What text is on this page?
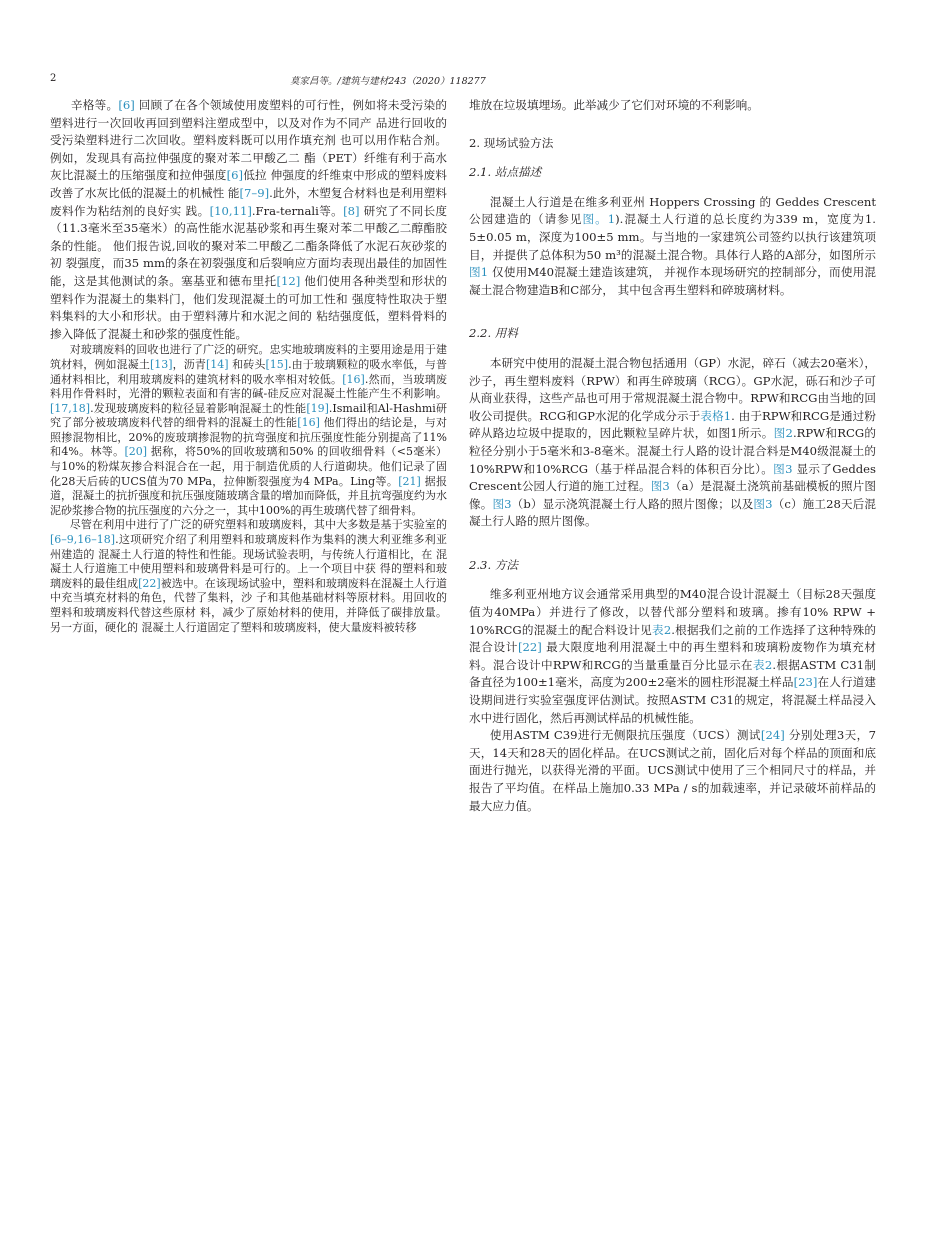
2	莫家昌等。/建筑与建材243（2020）118277

辛格等。[6] 回顾了在各个领域使用废塑料的可行性，例如将未受污染的塑料进行一次回收再回到塑料注塑成型中，以及对作为不同产 品进行回收的受污染塑料进行二次回收。塑料废料既可以用作填充剂 也可以用作粘合剂。例如，发现具有高拉伸强度的聚对苯二甲酸乙二 酯（PET）纤维有利于高水灰比混凝土的压缩强度和拉伸强度[6]低拉 伸强度的纤维束中形成的塑料废料改善了水灰比低的混凝土的机械性 能[7–9].此外，木塑复合材料也是利用塑料废料作为粘结剂的良好实 践。[10,11].Fra-ternali等。[8] 研究了不同长度（11.3毫米至35毫米）的高性能水泥基砂浆和再生聚对苯二甲酸乙二醇酯胶条的性能。 他们报告说,回收的聚对苯二甲酸乙二酯条降低了水泥石灰砂浆的初 裂强度，而35 mm的条在初裂强度和后裂响应方面均表现出最佳的加固性能，这是其他测试的条。塞基亚和德布里托[12] 他们使用各种类型和形状的塑料作为混凝土的集料门，他们发现混凝土的可加工性和 强度特性取决于塑料集料的大小和形状。由于塑料薄片和水泥之间的 粘结强度低，塑料骨料的掺入降低了混凝土和砂浆的强度性能。

对玻璃废料的回收也进行了广泛的研究。忠实地玻璃废料的主要用途是用于建筑材料，例如混凝土[13]，沥青[14] 和砖头[15].由于玻璃颗粒的吸水率低，与普通材料相比，利用玻璃废料的建筑材料的吸水率相对较低。[16].然而，当玻璃废料用作骨料时，光滑的颗粒表面和有害的碱-硅反应对混凝土性能产生不利影响。[17,18].发现玻璃废料的粒径显着影响混凝土的性能[19].Ismail和Al-Hashmi研究了部分被玻璃废料代替的细骨料的混凝土的性能[16] 他们得出的结论是，与对照掺混物相比，20%的废玻璃掺混物的抗弯强度和抗压强度性能分别提高了11%和4%。林等。[20] 据称，将50%的回收玻璃和50% 的回收细骨料（<5毫米）与10%的粉煤灰掺合料混合在一起，用于制造优质的人行道砌块。他们记录了固化28天后砖的UCS值为70 MPa，拉伸断裂强度为4 MPa。Ling等。[21] 据报道，混凝土的抗折强度和抗压强度随玻璃含量的增加而降低，并且抗弯强度约为水泥砂浆掺合物的抗压强度的六分之一，其中100%的再生玻璃代替了细骨料。

尽管在利用中进行了广泛的研究塑料和玻璃废料，其中大多数是基于实验室的[6–9,16–18].这项研究介绍了利用塑料和玻璃废料作为集料的澳大利亚维多利亚州建造的 混凝土人行道的特性和性能。现场试验表明，与传统人行道相比，在 混凝土人行道施工中使用塑料和玻璃骨料是可行的。上一个项目中获 得的塑料和玻璃废料的最佳组成[22]被选中。在该现场试验中，塑料和玻璃废料在混凝土人行道中充当填充材料的角色，代替了集料，沙 子和其他基础材料等原材料。用回收的塑料和玻璃废料代替这些原材 料，减少了原始材料的使用，并降低了碳排放量。另一方面，硬化的 混凝土人行道固定了塑料和玻璃废料，使大量废料被转移

堆放在垃圾填埋场。此举减少了它们对环境的不利影响。

2. 现场试验方法
2.1. 站点描述

混凝土人行道是在维多利亚州 Hoppers Crossing 的 Geddes Crescent公园建造的（请参见图。1).混凝土人行道的总长度约为339 m，宽度为1. 5±0.05 m，深度为100±5 mm。与当地的一家建筑公司签约以执行该建筑项目，并提供了总体积为50 m³的混凝土混合物。具体行人路的A部分，如图所示图1 仅使用M40混凝土建造该建筑， 并视作本现场研究的控制部分，而使用混凝土混合物建造B和C部分， 其中包含再生塑料和碎玻璃材料。

2.2. 用料

本研究中使用的混凝土混合物包括通用（GP）水泥，碎石（减去20毫米），沙子，再生塑料废料（RPW）和再生碎玻璃（RCG）。GP水泥，砾石和沙子可从商业获得，这些产品也可用于常规混凝土混合物中。RPW和RCG由当地的回收公司提供。RCG和GP水泥的化学成分示于表格1. 由于RPW和RCG是通过粉碎从路边垃圾中提取的，因此颗粒呈碎片状，如图1所示。图2.RPW和RCG的粒径分别小于5毫米和3-8毫米。混凝土行人路的设计混合料是M40级混凝土的10%RPW和10%RCG（基于样品混合料的体积百分比）。图3 显示了Geddes Crescent公园人行道的施工过程。图3（a）是混凝土浇筑前基础模板的照片图像。图3（b）显示浇筑混凝土行人路的照片图像；以及图3（c）施工28天后混凝土行人路的照片图像。

2.3. 方法

维多利亚州地方议会通常采用典型的M40混合设计混凝土（目标28天强度值为40MPa）并进行了修改，以替代部分塑料和玻璃。掺有10% RPW + 10%RCG的混凝土的配合料设计见表2.根据我们之前的工作选择了这种特殊的混合设计[22] 最大限度地利用混凝土中的再生塑料和玻璃粉废物作为填充材料。混合设计中RPW和RCG的当量重量百分比显示在表2.根据ASTM C31制备直径为100±1毫米，高度为200±2毫米的圆柱形混凝土样品[23]在人行道建设期间进行实验室强度评估测试。按照ASTM C31的规定，将混凝土样品浸入水中进行固化，然后再测试样品的机械性能。

使用ASTM C39进行无侧限抗压强度（UCS）测试[24] 分别处理3天，7 天，14天和28天的固化样品。在UCS测试之前，固化后对每个样品的顶面和底面进行抛光，以获得光滑的平面。UCS测试中使用了三个相同尺寸的样品，并报告了平均值。在样品上施加0.33 MPa / s的加载速率，并记录破坏前样品的最大应力值。
